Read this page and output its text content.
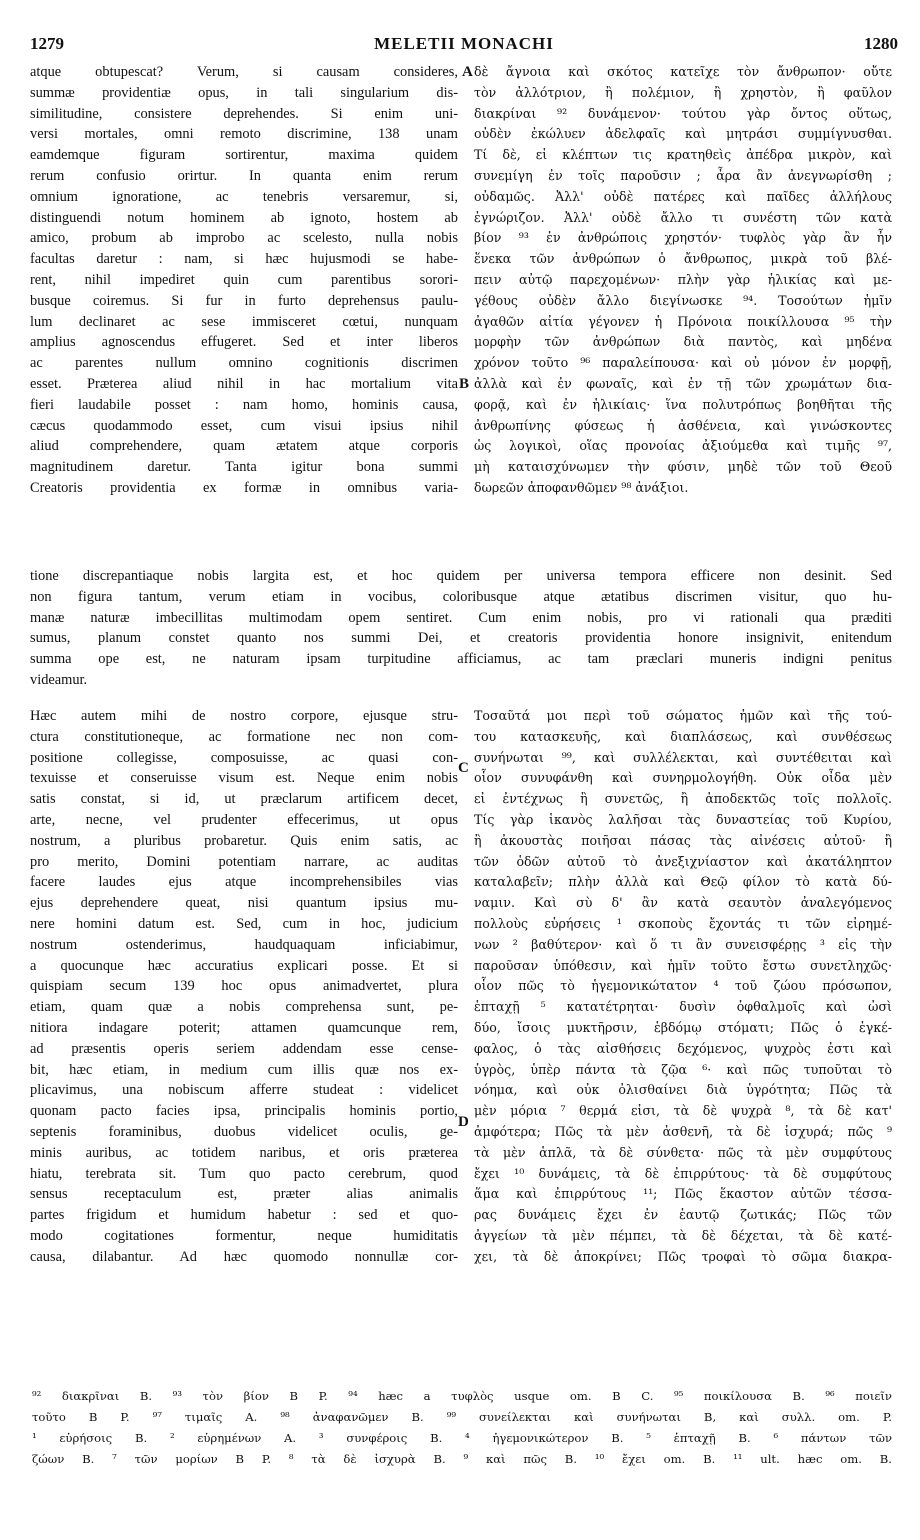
1279	MELETII MONACHI	1280
atque obtupescat? Verum, si causam consideres,
summæ providentiæ opus, in tali singularium dis-
similitudine, consistere deprehendes. Si enim uni-
versi mortales, omni remoto discrimine, 138 unam
eamdemque figuram sortirentur, maxima quidem
rerum confusio orirtur. In quanta enim rerum
omnium ignoratione, ac tenebris versaremur, si,
distinguendi notum hominem ab ignoto, hostem ab
amico, probum ab improbo ac scelesto, nulla nobis
facultas daretur : nam, si hæc hujusmodi se habe-
rent, nihil impediret quin cum parentibus sorori-
busque coiremus. Si fur in furto deprehensus paulu-
lum declinaret ac sese immisceret cœtui, nunquam
amplius agnoscendus effugeret. Sed et inter liberos
ac parentes nullum omnino cognitionis discrimen
esset. Præterea aliud nihil in hac mortalium vita
fieri laudabile posset : nam homo, hominis causa,
cæcus quodammodo esset, cum visui ipsius nihil
aliud comprehendere, quam ætatem atque corporis
magnitudinem daretur. Tanta igitur bona summi
Creatoris providentia ex formæ in omnibus varia-
δὲ ἄγνοια καὶ σκότος κατεῖχε τὸν ἄνθρωπον· οὔτε
τὸν ἀλλότριον, ἢ πολέμιον, ἢ χρηστὸν, ἢ φαῦλον
διακρίναι ⁹² δυνάμενον· τούτου γὰρ ὄντος οὕτως,
οὐδὲν ἐκώλυεν ἀδελφαῖς καὶ μητράσι συμμίγνυσθαι.
Τί δὲ, εἰ κλέπτων τις κρατηθεὶς ἀπέδρα μικρὸν, καὶ
συνεμίγη ἐν τοῖς παροῦσιν ; ἆρα ἂν ἀνεγνωρίσθη ;
οὐδαμῶς. Ἀλλ' οὐδὲ πατέρες καὶ παῖδες ἀλλήλους
ἐγνώριζον. Ἀλλ' οὐδὲ ἄλλο τι συνέστη τῶν κατὰ
βίον ⁹³ ἐν ἀνθρώποις χρηστόν· τυφλὸς γὰρ ἂν ἦν
ἕνεκα τῶν ἀνθρώπων ὁ ἄνθρωπος, μικρὰ τοῦ βλέ-
πειν αὐτῷ παρεχομένων· πλὴν γὰρ ἡλικίας καὶ με-
γέθους οὐδὲν ἄλλο διεγίνωσκε ⁹⁴. Τοσούτων ἡμῖν
ἀγαθῶν αἰτία γέγονεν ἡ Πρόνοια ποικίλλουσα ⁹⁵ τὴν
μορφὴν τῶν ἀνθρώπων διὰ παντὸς, καὶ μηδένα
χρόνον τοῦτο ⁹⁶ παραλείπουσα· καὶ οὐ μόνον ἐν μορφῇ,
ἀλλὰ καὶ ἐν φωναῖς, καὶ ἐν τῇ τῶν χρωμάτων δια-
φορᾷ, καὶ ἐν ἡλικίαις· ἵνα πολυτρόπως βοηθῆται τῆς
ἀνθρωπίνης φύσεως ἡ ἀσθένεια, καὶ γινώσκοντες
ὡς λογικοὶ, οἵας προνοίας ἀξιούμεθα καὶ τιμῆς ⁹⁷,
μὴ καταισχύνωμεν τὴν φύσιν, μηδὲ τῶν τοῦ Θεοῦ
δωρεῶν ἀποφανθῶμεν ⁹⁸ ἀνάξιοι.
tione discrepantiaque nobis largita est, et hoc quidem per universa tempora efficere non desinit. Sed
non figura tantum, verum etiam in vocibus, coloribusque atque ætatibus discrimen visitur, quo hu-
manæ naturæ imbecillitas multimodam opem sentiret. Cum enim nobis, pro vi rationali qua præditi
sumus, planum constet quanto nos summi Dei, et creatoris providentia honore insignivit, enitendum
summa ope est, ne naturam ipsam turpitudine afficiamus, ac tam præclari muneris indigni penitus
videamur.
Hæc autem mihi de nostro corpore, ejusque stru-
ctura constitutioneque, ac formatione nec non com-
positione collegisse, composuisse, ac quasi con-
texuisse et conseruisse visum est. Neque enim nobis
satis constat, si id, ut præclarum artificem decet,
arte, necne, vel prudenter effecerimus, ut opus
nostrum, a pluribus probaretur. Quis enim satis, ac
pro merito, Domini potentiam narrare, ac auditas
facere laudes ejus atque incomprehensibiles vias
ejus deprehendere queat, nisi quantum ipsius mu-
nere homini datum est. Sed, cum in hoc, judicium
nostrum ostenderimus, haudquaquam inficiabimur,
a quocunque hæc accuratius explicari posse. Et si
quispiam secum 139 hoc opus animadvertet, plura
etiam, quam quæ a nobis comprehensa sunt, pe-
nitiora indagare poterit; attamen quamcunque rem,
ad præsentis operis seriem addendam esse cense-
bit, hæc etiam, in medium cum illis quæ nos ex-
plicavimus, una nobiscum afferre studeat : videlicet
quonam pacto facies ipsa, principalis hominis portio,
septenis foraminibus, duobus videlicet oculis, ge-
minis auribus, ac totidem naribus, et oris præterea
hiatu, terebrata sit. Tum quo pacto cerebrum, quod
sensus receptaculum est, præter alias animalis
partes frigidum et humidum habetur : sed et quo-
modo cogitationes formentur, neque humiditatis
causa, dilabantur. Ad hæc quomodo nonnullæ cor-
Τοσαῦτά μοι περὶ τοῦ σώματος ἡμῶν καὶ τῆς τού-
του κατασκευῆς, καὶ διαπλάσεως, καὶ συνθέσεως
συνήνωται ⁹⁹, καὶ συλλέλεκται, καὶ συντέθειται καὶ
οἷον συνυφάνθη καὶ συνηρμολογήθη. Οὐκ οἶδα μὲν
εἰ ἐντέχνως ἢ συνετῶς, ἢ ἀποδεκτῶς τοῖς πολλοῖς.
Τίς γὰρ ἱκανὸς λαλῆσαι τὰς δυναστείας τοῦ Κυρίου,
ἢ ἀκουστὰς ποιῆσαι πάσας τὰς αἰνέσεις αὐτοῦ· ἢ
τῶν ὁδῶν αὐτοῦ τὸ ἀνεξιχνίαστον καὶ ἀκατάληπτον
καταλαβεῖν; πλὴν ἀλλὰ καὶ Θεῷ φίλον τὸ κατὰ δύ-
ναμιν. Καὶ σὺ δ' ἂν κατὰ σεαυτὸν ἀναλεγόμενος
πολλοὺς εὑρήσεις ¹ σκοποὺς ἔχοντάς τι τῶν εἰρημέ-
νων ² βαθύτερον· καὶ ὅ τι ἂν συνεισφέρῃς ³ εἰς τὴν
παροῦσαν ὑπόθεσιν, καὶ ἡμῖν τοῦτο ἔστω συνετληχῶς·
οἷον πῶς τὸ ἡγεμονικώτατον ⁴ τοῦ ζώου πρόσωπον,
ἑπταχῇ ⁵ κατατέτρηται· δυσὶν ὀφθαλμοῖς καὶ ὠσὶ
δύο, ἴσοις μυκτῆρσιν, ἑβδόμῳ στόματι; Πῶς ὁ ἐγκέ-
φαλος, ὁ τὰς αἰσθήσεις δεχόμενος, ψυχρὸς ἐστι καὶ
ὑγρὸς, ὑπὲρ πάντα τὰ ζῷα ⁶· καὶ πῶς τυποῦται τὸ
νόημα, καὶ οὐκ ὀλισθαίνει διὰ ὑγρότητα; Πῶς τὰ
μὲν μόρια ⁷ θερμά εἰσι, τὰ δὲ ψυχρὰ ⁸, τὰ δὲ κατ'
ἀμφότερα; Πῶς τὰ μὲν ἀσθενῆ, τὰ δὲ ἰσχυρά; πῶς ⁹
τὰ μὲν ἁπλᾶ, τὰ δὲ σύνθετα· πῶς τὰ μὲν συμφύτους
ἔχει ¹⁰ δυνάμεις, τὰ δὲ ἐπιρρύτους· τὰ δὲ συμφύτους
ἅμα καὶ ἐπιρρύτους ¹¹; Πῶς ἕκαστον αὐτῶν τέσσα-
ρας δυνάμεις ἔχει ἐν ἑαυτῷ ζωτικάς; Πῶς τῶν
ἀγγείων τὰ μὲν πέμπει, τὰ δὲ δέχεται, τὰ δὲ κατέ-
χει, τὰ δὲ ἀποκρίνει; Πῶς τροφαὶ τὸ σῶμα διακρα-
A
B
C
D
⁹² διακρῖναι B. ⁹³ τὸν βίον B P. ⁹⁴ hæc a τυφλὸς usque om. B C. ⁹⁵ ποικίλουσα B. ⁹⁶ ποιεῖν
τοῦτο B P. ⁹⁷ τιμαῖς A. ⁹⁸ ἀναφανῶμεν B. ⁹⁹ συνείλεκται καὶ συνήνωται B, καὶ συλλ. om. P.
¹ εὑρήσοις B. ² εὑρημένων A. ³ συνφέροις B. ⁴ ἡγεμονικώτερον B. ⁵ ἑπταχῇ B. ⁶ πάντων τῶν
ζώων B. ⁷ τῶν μορίων B P. ⁸ τὰ δὲ ἰσχυρὰ B. ⁹ καὶ πῶς B. ¹⁰ ἔχει om. B. ¹¹ ult. hæc om. B.
